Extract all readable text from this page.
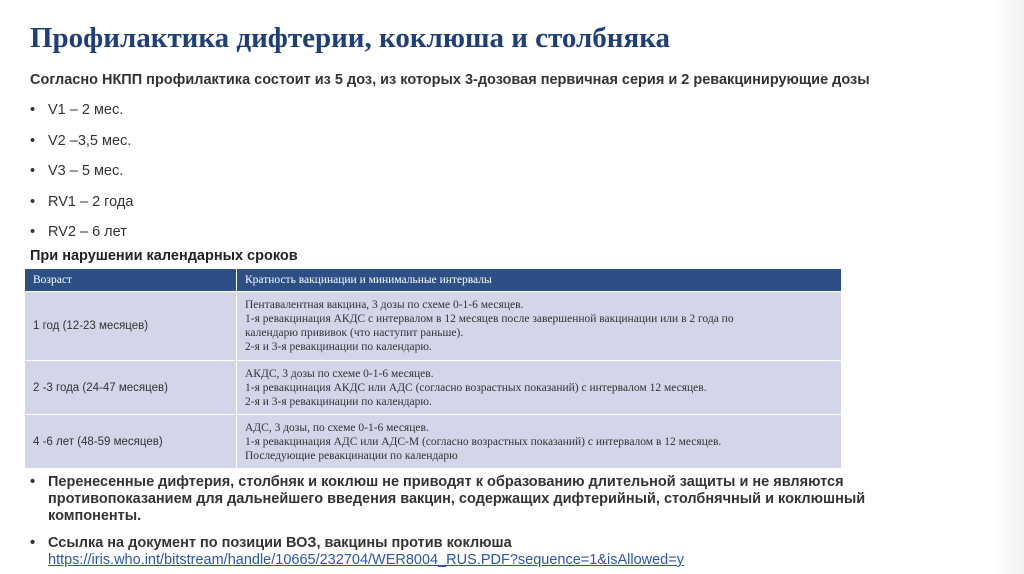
Профилактика дифтерии, коклюша и столбняка
Согласно НКПП профилактика состоит из 5 доз, из которых 3-дозовая первичная серия и 2 ревакцинирующие дозы
• V1 – 2 мес.
• V2 –3,5 мес.
• V3 – 5 мес.
• RV1 – 2 года
• RV2 – 6 лет
При нарушении календарных сроков
Возраст	Кратность вакцинации и минимальные интервалы
1 год (12-23 месяцев)	Пентавалентная вакцина, 3 дозы по схеме 0-1-6 месяцев.
1-я ревакцинация АКДС с интервалом в 12 месяцев после завершенной вакцинации или в 2 года по
календарю прививок (что наступит раньше).
2-я и 3-я ревакцинации по календарю.

2 -3 года (24-47 месяцев)	АКДС, 3 дозы по схеме 0-1-6 месяцев.
1-я ревакцинация АКДС или АДС (согласно возрастных показаний) с интервалом 12 месяцев.
2-я и 3-я ревакцинации по календарю.

4 -6 лет (48-59 месяцев)	АДС, 3 дозы, по схеме 0-1-6 месяцев.
1-я ревакцинация АДС или АДС-М (согласно возрастных показаний) с интервалом в 12 месяцев.
Последующие ревакцинации по календарю
• Перенесенные дифтерия, столбняк и коклюш не приводят к образованию длительной защиты и не являются противопоказанием для дальнейшего введения вакцин, содержащих дифтерийный, столбнячный и коклюшный компоненты.
• Ссылка на документ по позиции ВОЗ, вакцины против коклюша
https://iris.who.int/bitstream/handle/10665/232704/WER8004_RUS.PDF?sequence=1&isAllowed=y
